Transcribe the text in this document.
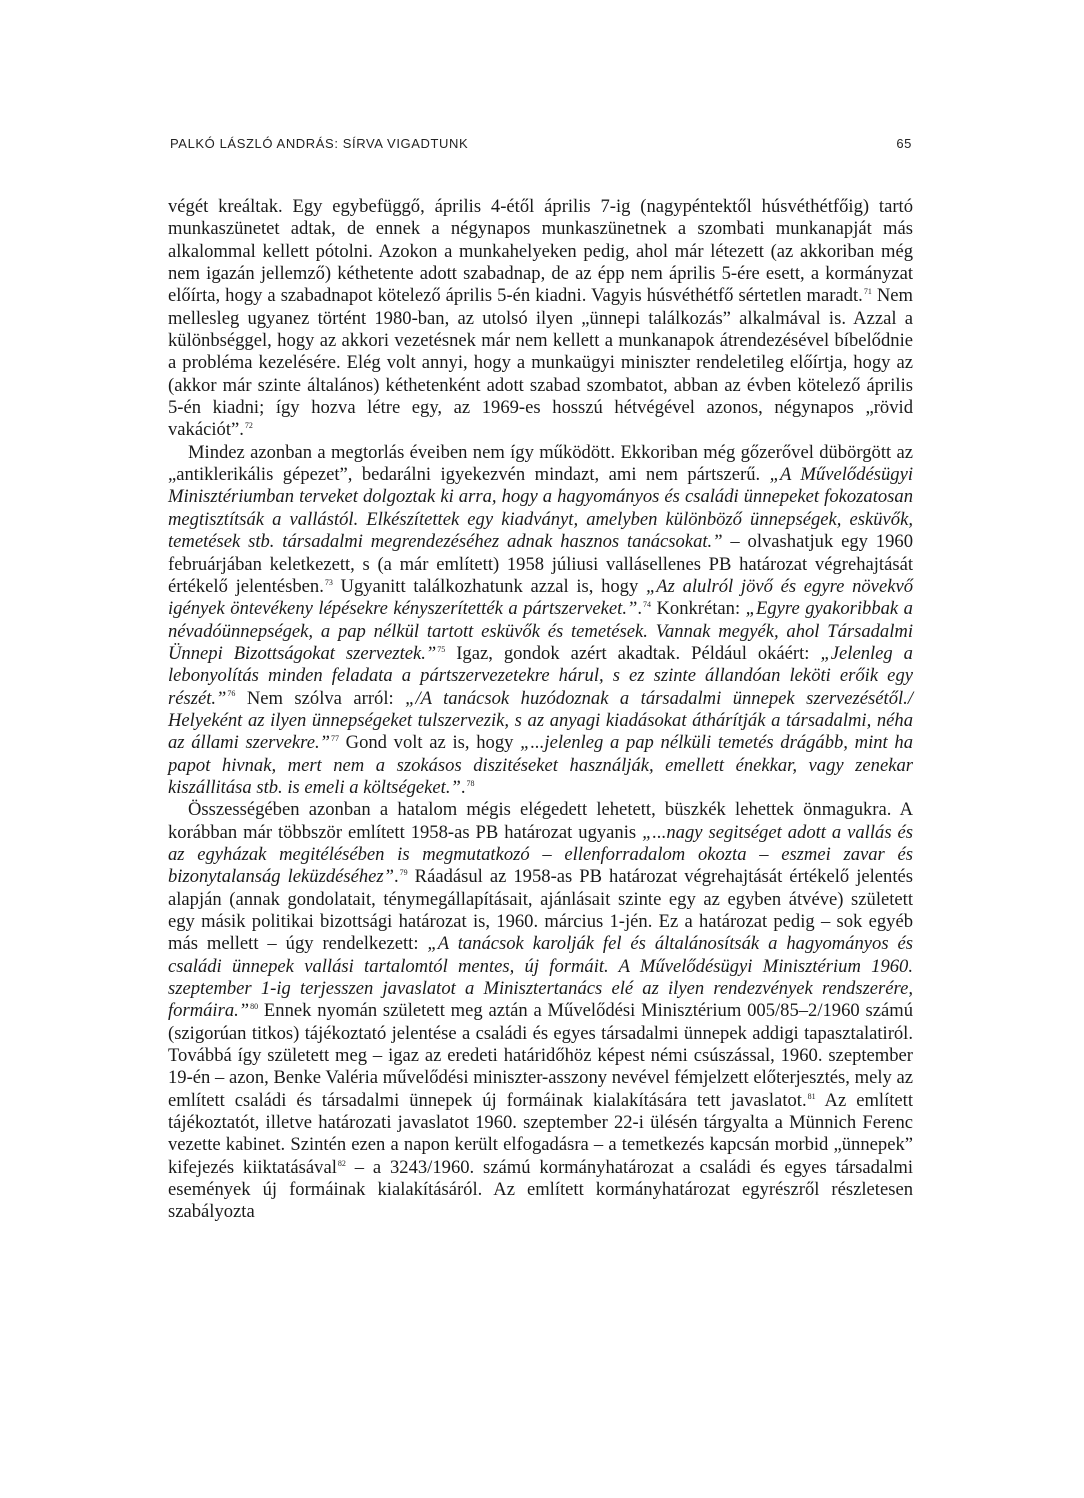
PALKÓ LÁSZLÓ ANDRÁS: SÍRVA VIGADTUNK	65

végét kreáltak. Egy egybefüggő, április 4-étől április 7-ig (nagypéntektől húsvéthétfőig) tartó munkaszünetet adtak, de ennek a négynapos munkaszünetnek a szombati munkanapját más alkalommal kellett pótolni. Azokon a munkahelyeken pedig, ahol már létezett (az akkoriban még nem igazán jellemző) kéthetente adott szabadnap, de az épp nem április 5-ére esett, a kormányzat előírta, hogy a szabadnapot kötelező április 5-én kiadni. Vagyis húsvéthétfő sértetlen maradt.$^{71}$ Nem mellesleg ugyanez történt 1980-ban, az utolsó ilyen „ünnepi találkozás” alkalmával is. Azzal a különbséggel, hogy az akkori vezetésnek már nem kellett a munkanapok átrendezésével bíbelődnie a probléma kezelésére. Elég volt annyi, hogy a munkaügyi miniszter rendeletileg előírtja, hogy az (akkor már szinte általános) kéthetenként adott szabad szombatot, abban az évben kötelező április 5-én kiadni; így hozva létre egy, az 1969-es hosszú hétvégével azonos, négynapos „rövid vakációt”.$^{72}$

Mindez azonban a megtorlás éveiben nem így működött. Ekkoriban még gőzerővel dübörgött az „antiklerikális gépezet”, bedarálni igyekezvén mindazt, ami nem pártszerű. „A Művelődésügyi Minisztériumban terveket dolgoztak ki arra, hogy a hagyományos és családi ünnepeket fokozatosan megtisztítsák a vallástól. Elkészítettek egy kiadványt, amelyben különböző ünnepségek, esküvők, temetések stb. társadalmi megrendezéséhez adnak hasznos tanácsokat.” – olvashatjuk egy 1960 februárjában keletkezett, s (a már említett) 1958 júliusi vallásellenes PB határozat végrehajtását értékelő jelentésben.$^{73}$ Ugyanitt találkozhatunk azzal is, hogy „Az alulról jövő és egyre növekvő igények öntevékeny lépésekre kényszerítették a pártszerveket.”.$^{74}$ Konkrétan: „Egyre gyakoribbak a névadóünnepségek, a pap nélkül tartott esküvők és temetések. Vannak megyék, ahol Társadalmi Ünnepi Bizottságokat szerveztek.”$^{75}$ Igaz, gondok azért akadtak. Például okáért: „Jelenleg a lebonyolítás minden feladata a pártszervezetekre hárul, s ez szinte állandóan leköti erőik egy részét.”$^{76}$ Nem szólva arról: „/A tanácsok huzódoznak a társadalmi ünnepek szervezésétől./ Helyeként az ilyen ünnepségeket tulszervezik, s az anyagi kiadásokat áthárítják a társadalmi, néha az állami szervekre.”$^{77}$ Gond volt az is, hogy „...jelenleg a pap nélküli temetés drágább, mint ha papot hivnak, mert nem a szokásos diszitéseket használják, emellett énekkar, vagy zenekar kiszállitása stb. is emeli a költségeket.”.$^{78}$

Összességében azonban a hatalom mégis elégedett lehetett, büszkék lehettek önmagukra. A korábban már többször említett 1958-as PB határozat ugyanis „...nagy segitséget adott a vallás és az egyházak megitélésében is megmutatkozó – ellenforradalom okozta – eszmei zavar és bizonytalanság leküzdéséhez”.$^{79}$ Ráadásul az 1958-as PB határozat végrehajtását értékelő jelentés alapján (annak gondolatait, ténymegállapításait, ajánlásait szinte egy az egyben átvéve) született egy másik politikai bizottsági határozat is, 1960. március 1-jén. Ez a határozat pedig – sok egyéb más mellett – úgy rendelkezett: „A tanácsok karolják fel és általánosítsák a hagyományos és családi ünnepek vallási tartalomtól mentes, új formáit. A Művelődésügyi Minisztérium 1960. szeptember 1-ig terjesszen javaslatot a Minisztertanács elé az ilyen rendezvények rendszerére, formáira.”$^{80}$ Ennek nyomán született meg aztán a Művelődési Minisztérium 005/85–2/1960 számú (szigorúan titkos) tájékoztató jelentése a családi és egyes társadalmi ünnepek addigi tapasztalatiról. Továbbá így született meg – igaz az eredeti határidőhöz képest némi csúszással, 1960. szeptember 19-én – azon, Benke Valéria művelődési miniszter-asszony nevével fémjelzett előterjesztés, mely az említett családi és társadalmi ünnepek új formáinak kialakítására tett javaslatot.$^{81}$ Az említett tájékoztatót, illetve határozati javaslatot 1960. szeptember 22-i ülésén tárgyalta a Münnich Ferenc vezette kabinet. Szintén ezen a napon került elfogadásra – a temetkezés kapcsán morbid „ünnepek” kifejezés kiiktatásával$^{82}$ – a 3243/1960. számú kormányhatározat a családi és egyes társadalmi események új formáinak kialakításáról. Az említett kormányhatározat egyrészről részletesen szabályozta
